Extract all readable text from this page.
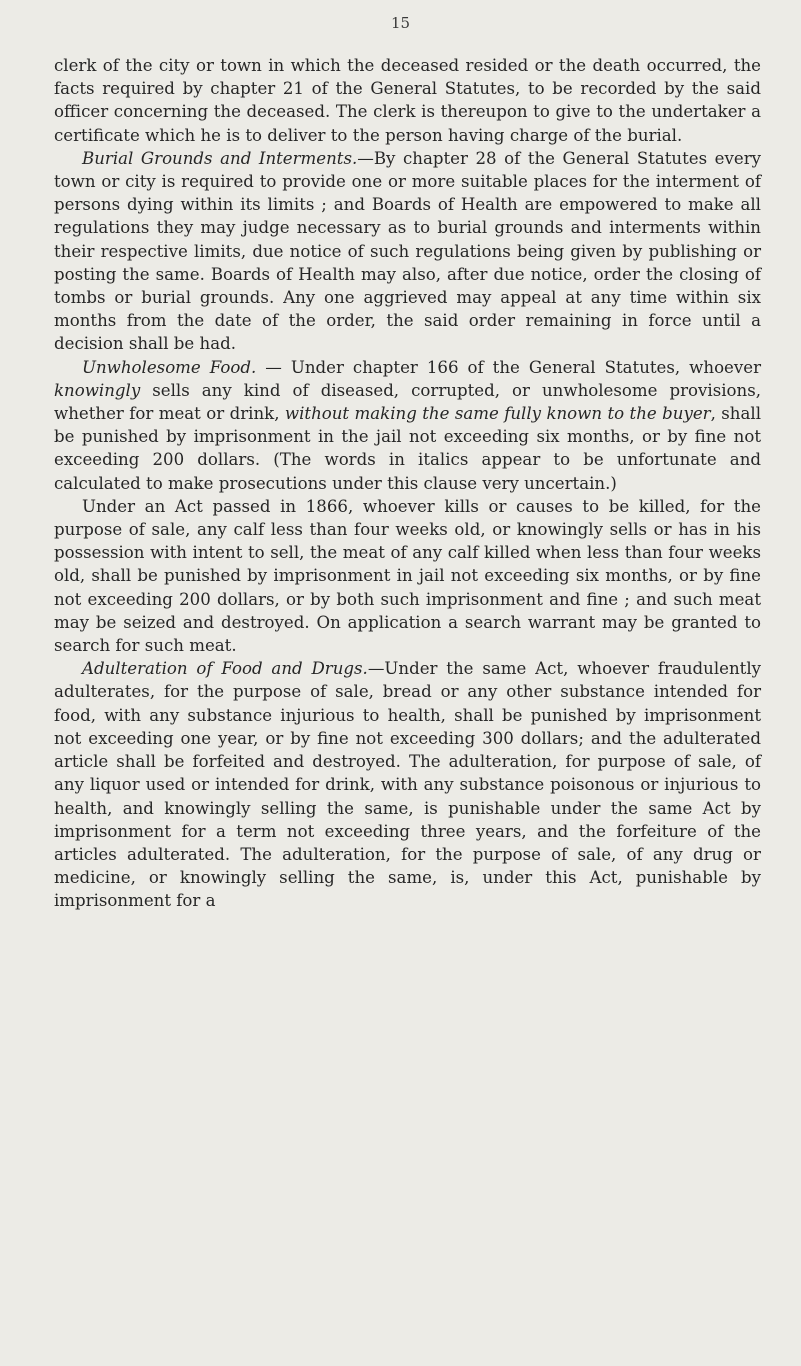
15

clerk of the city or town in which the deceased resided or the death occurred, the facts required by chapter 21 of the General Statutes, to be recorded by the said officer concerning the deceased. The clerk is thereupon to give to the undertaker a certificate which he is to deliver to the person having charge of the burial.

Burial Grounds and Interments.—By chapter 28 of the General Statutes every town or city is required to provide one or more suitable places for the interment of persons dying within its limits ; and Boards of Health are empowered to make all regulations they may judge necessary as to burial grounds and interments within their respective limits, due notice of such regulations being given by publishing or posting the same. Boards of Health may also, after due notice, order the closing of tombs or burial grounds. Any one aggrieved may appeal at any time within six months from the date of the order, the said order remaining in force until a decision shall be had.

Unwholesome Food. — Under chapter 166 of the General Statutes, whoever knowingly sells any kind of diseased, corrupted, or unwholesome provisions, whether for meat or drink, without making the same fully known to the buyer, shall be punished by imprisonment in the jail not exceeding six months, or by fine not exceeding 200 dollars. (The words in italics appear to be unfortunate and calculated to make prosecutions under this clause very uncertain.)

Under an Act passed in 1866, whoever kills or causes to be killed, for the purpose of sale, any calf less than four weeks old, or knowingly sells or has in his possession with intent to sell, the meat of any calf killed when less than four weeks old, shall be punished by imprisonment in jail not exceeding six months, or by fine not exceeding 200 dollars, or by both such imprisonment and fine ; and such meat may be seized and destroyed. On application a search warrant may be granted to search for such meat.

Adulteration of Food and Drugs.—Under the same Act, whoever fraudulently adulterates, for the purpose of sale, bread or any other substance intended for food, with any substance injurious to health, shall be punished by imprisonment not exceeding one year, or by fine not exceeding 300 dollars; and the adulterated article shall be forfeited and destroyed. The adulteration, for purpose of sale, of any liquor used or intended for drink, with any substance poisonous or injurious to health, and knowingly selling the same, is punishable under the same Act by imprisonment for a term not exceeding three years, and the forfeiture of the articles adulterated. The adulteration, for the purpose of sale, of any drug or medicine, or knowingly selling the same, is, under this Act, punishable by imprisonment for a
